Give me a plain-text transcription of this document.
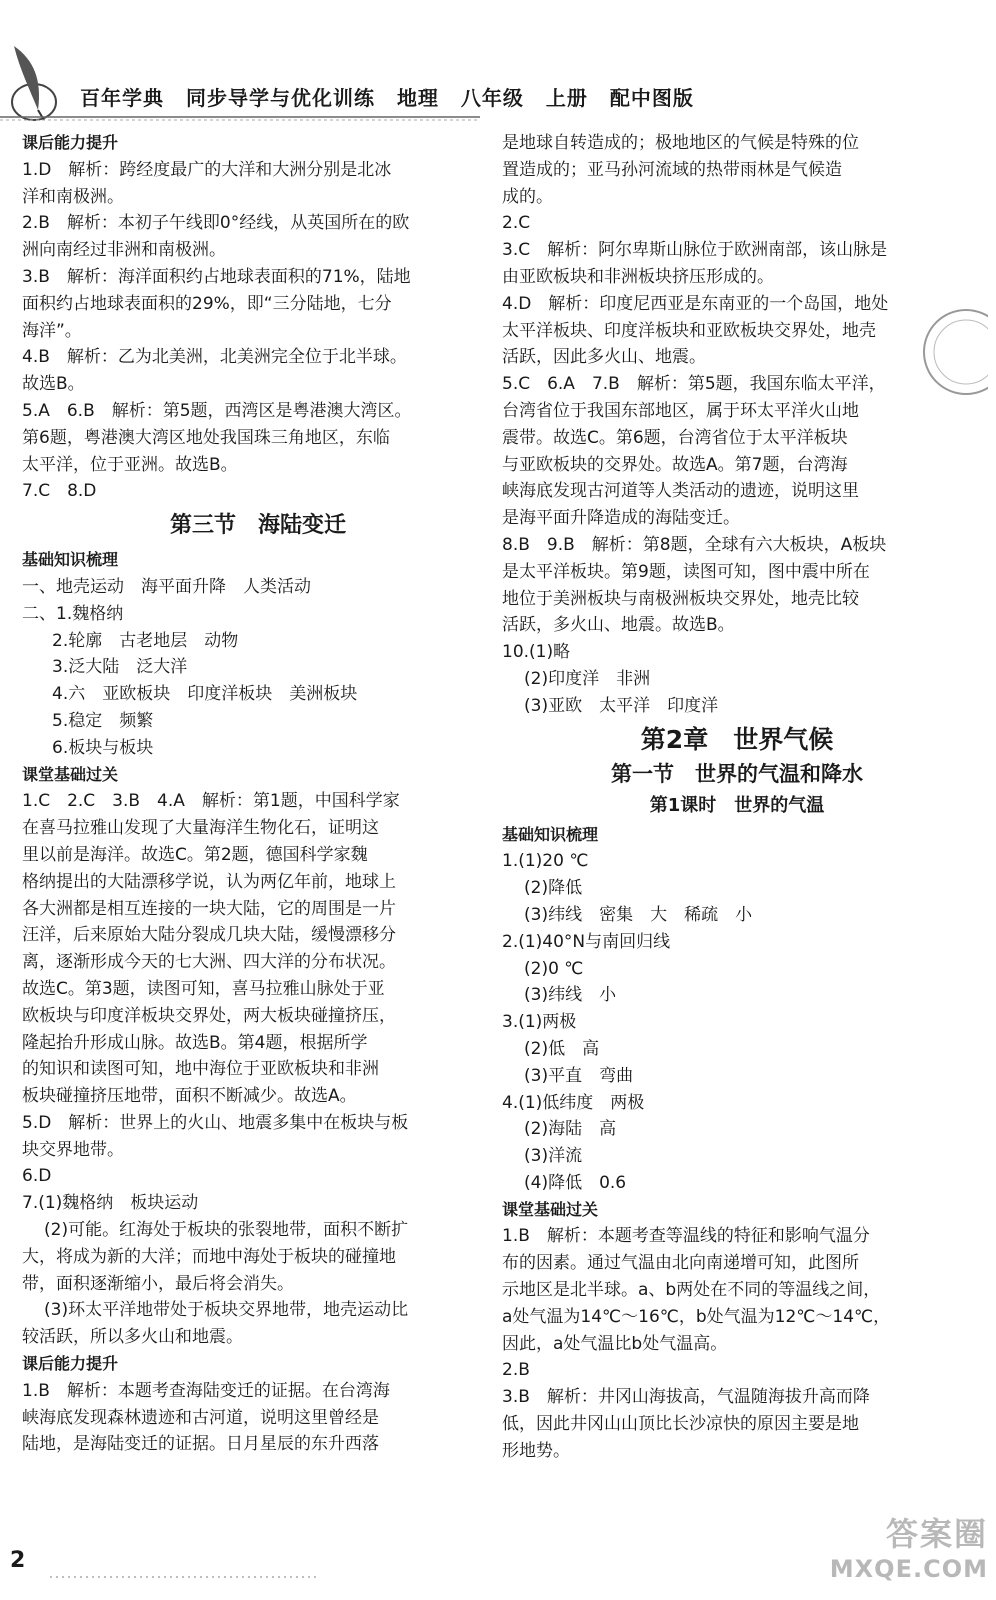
百年学典 同步导学与优化训练 地理 八年级 上册 配中图版
课后能力提升
1.D　解析：跨经度最广的大洋和大洲分别是北冰
洋和南极洲。
2.B　解析：本初子午线即0°经线，从英国所在的欧
洲向南经过非洲和南极洲。
3.B　解析：海洋面积约占地球表面积的71%，陆地
面积约占地球表面积的29%，即“三分陆地，七分
海洋”。
4.B　解析：乙为北美洲，北美洲完全位于北半球。
故选B。
5.A　6.B　解析：第5题，西湾区是粤港澳大湾区。
第6题，粤港澳大湾区地处我国珠三角地区，东临
太平洋，位于亚洲。故选B。
7.C　8.D
第三节　海陆变迁
基础知识梳理
一、地壳运动　海平面升降　人类活动
二、1.魏格纳
2.轮廓　古老地层　动物
3.泛大陆　泛大洋
4.六　亚欧板块　印度洋板块　美洲板块
5.稳定　频繁
6.板块与板块
课堂基础过关
1.C　2.C　3.B　4.A　解析：第1题，中国科学家
在喜马拉雅山发现了大量海洋生物化石，证明这
里以前是海洋。故选C。第2题，德国科学家魏
格纳提出的大陆漂移学说，认为两亿年前，地球上
各大洲都是相互连接的一块大陆，它的周围是一片
汪洋，后来原始大陆分裂成几块大陆，缓慢漂移分
离，逐渐形成今天的七大洲、四大洋的分布状况。
故选C。第3题，读图可知，喜马拉雅山脉处于亚
欧板块与印度洋板块交界处，两大板块碰撞挤压，
隆起抬升形成山脉。故选B。第4题，根据所学
的知识和读图可知，地中海位于亚欧板块和非洲
板块碰撞挤压地带，面积不断减少。故选A。
5.D　解析：世界上的火山、地震多集中在板块与板
块交界地带。
6.D
7.(1)魏格纳　板块运动
(2)可能。红海处于板块的张裂地带，面积不断扩
大，将成为新的大洋；而地中海处于板块的碰撞地
带，面积逐渐缩小，最后将会消失。
(3)环太平洋地带处于板块交界地带，地壳运动比
较活跃，所以多火山和地震。
课后能力提升
1.B　解析：本题考查海陆变迁的证据。在台湾海
峡海底发现森林遗迹和古河道，说明这里曾经是
陆地，是海陆变迁的证据。日月星辰的东升西落
是地球自转造成的；极地地区的气候是特殊的位
置造成的；亚马孙河流域的热带雨林是气候造
成的。
2.C
3.C　解析：阿尔卑斯山脉位于欧洲南部，该山脉是
由亚欧板块和非洲板块挤压形成的。
4.D　解析：印度尼西亚是东南亚的一个岛国，地处
太平洋板块、印度洋板块和亚欧板块交界处，地壳
活跃，因此多火山、地震。
5.C　6.A　7.B　解析：第5题，我国东临太平洋，
台湾省位于我国东部地区，属于环太平洋火山地
震带。故选C。第6题，台湾省位于太平洋板块
与亚欧板块的交界处。故选A。第7题，台湾海
峡海底发现古河道等人类活动的遗迹，说明这里
是海平面升降造成的海陆变迁。
8.B　9.B　解析：第8题，全球有六大板块，A板块
是太平洋板块。第9题，读图可知，图中震中所在
地位于美洲板块与南极洲板块交界处，地壳比较
活跃，多火山、地震。故选B。
10.(1)略
(2)印度洋　非洲
(3)亚欧　太平洋　印度洋
第2章　世界气候
第一节　世界的气温和降水
第1课时　世界的气温
基础知识梳理
1.(1)20 ℃
(2)降低
(3)纬线　密集　大　稀疏　小
2.(1)40°N与南回归线
(2)0 ℃
(3)纬线　小
3.(1)两极
(2)低　高
(3)平直　弯曲
4.(1)低纬度　两极
(2)海陆　高
(3)洋流
(4)降低　0.6
课堂基础过关
1.B　解析：本题考查等温线的特征和影响气温分
布的因素。通过气温由北向南递增可知，此图所
示地区是北半球。a、b两处在不同的等温线之间，
a处气温为14℃～16℃，b处气温为12℃～14℃，
因此，a处气温比b处气温高。
2.B
3.B　解析：井冈山海拔高，气温随海拔升高而降
低，因此井冈山山顶比长沙凉快的原因主要是地
形地势。
2
答案圈
MXQE.COM
